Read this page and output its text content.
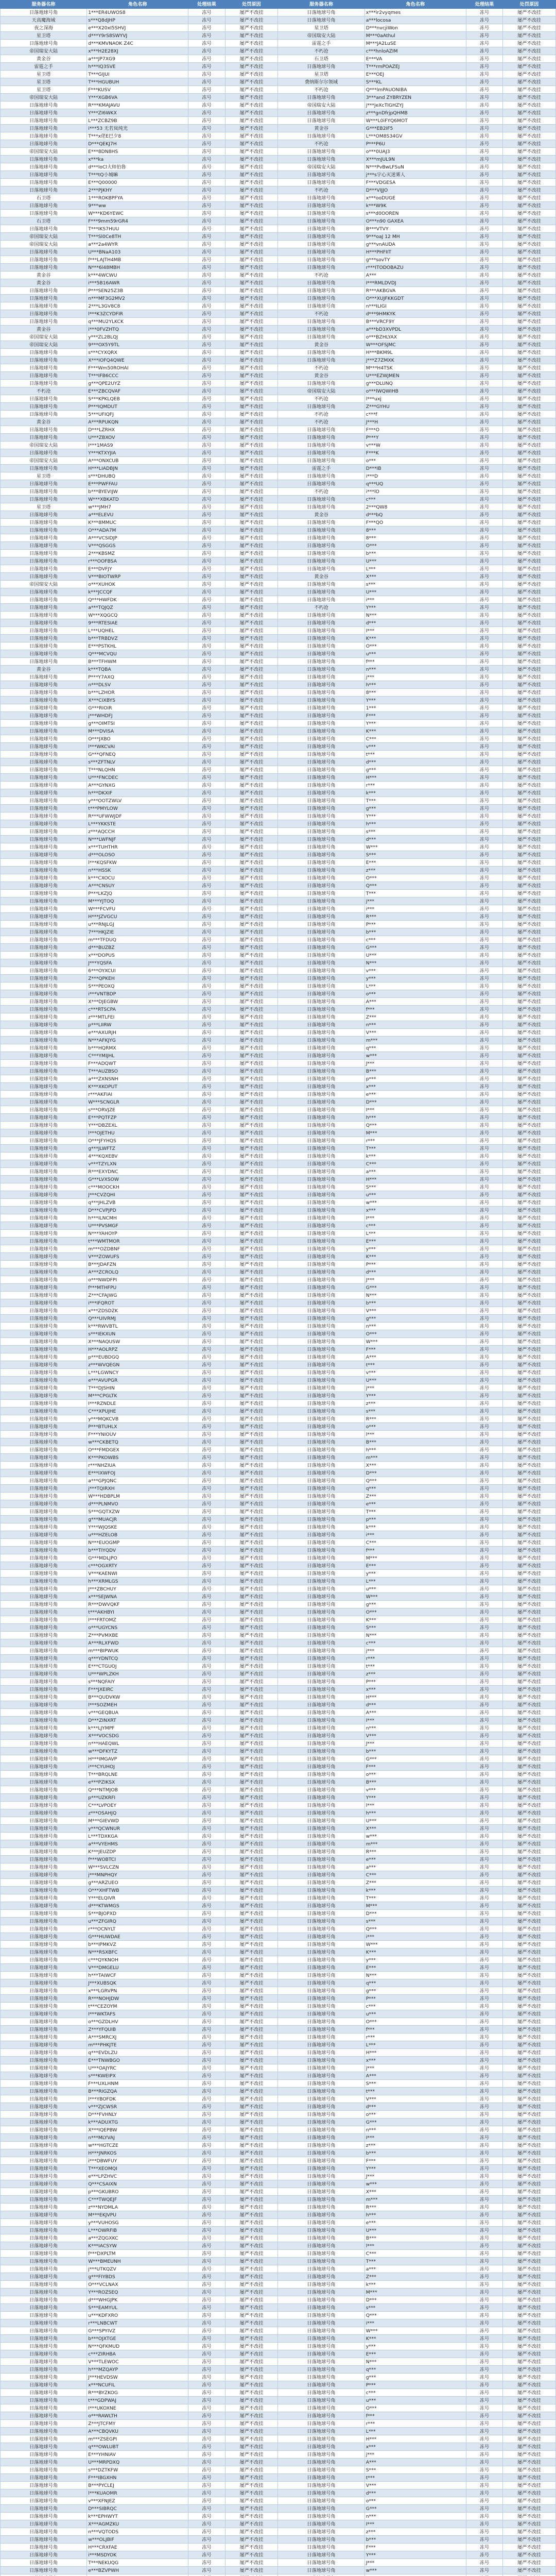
服务器名称	角色名称	处理结果	处罚原因	服务器名称	角色名称	处理结果	处罚原因
日落地球号角	1***ER4UWOS8	冻号	屡严不改挂	日落地球号角	x***ir2vyqmes	冻号	屡严不改挂
天高魔海域	s***Q8dJHP	冻号	屡严不改挂	日落地球号角	a***locosa	冻号	屡严不改挂
夜之深海	e***X20xI5SHVJ	冻号	屡严不改挂	星卫塔	D***nvcjiWon	冻号	屡严不改挂
星卫塔	d***Y9rS8SWYVJ	冻号	屡严不改挂	帝国瑞安大陆	M***0aAthul	冻号	屡严不改挂
日落地球号角	d***KMVNAOK Z4C	冻号	屡严不改挂	雷霆之手	M***JA2LuSE	冻号	屡严不改挂
帝国瑞安大陆	x***H2E28XJ	冻号	屡严不改挂	不朽沧	c***hnloAZIM	冻号	屡严不改挂
黄金谷	a***JP7XG9	冻号	屡严不改挂	石卫塔	E***VA	冻号	屡严不改挂
雷霆之手	h***IQ3SVE	冻号	屡严不改挂	日落地球号角	T***rmPOAZEJ	冻号	屡严不改挂
星卫塔	T***GIJUI	冻号	屡严不改挂	星卫塔	E***OEJ	冻号	屡严不改挂
星卫塔	T***HGUBUH	冻号	屡严不改挂	费纳斯尔尔领域	S***KL	冻号	屡严不改挂
星卫塔	F***KUSV	冻号	屡严不改挂	不朽沧	Q***lmPAUONIBA	冻号	屡严不改挂
帝国瑞安大陆	Y***XGB6VA	冻号	屡严不改挂	日落地球号角	3***and ZYBRYZEN	冻号	屡严不改挂
日落地球号角	R***KMAJAVU	冻号	屡严不改挂	帝国瑞安大陆	j***jeXcTIGHZYJ	冻号	屡严不改挂
日落地球号角	Y***ZI6WKX	冻号	屡严不改挂	日落地球号角	z***gnDfrjpQHMB	冻号	屡严不改挂
日落地球号角	L***ZCBZ9B	冻号	屡严不改挂	日落地球号角	W***L0iFYQ6MOT	冻号	屡严不改挂
日落地球号角	i***53 无若岚纯光	冻号	屡严不改挂	黄金谷	G***EB2IF5	冻号	屡严不改挂
日落地球号角	T***x佬E巴夕8	冻号	屡严不改挂	日落地球号角	L***OM8S34GV	冻号	屡严不改挂
日落地球号角	D***QEKJ7H	冻号	屡严不改挂	不朽沧	P***P6U	冻号	屡严不改挂
帝国瑞安大陆	E***8DN8HS	冻号	屡严不改挂	日落地球号角	o***0UAJ3	冻号	屡严不改挂
日落地球号角	x***ka	冻号	屡严不改挂	日落地球号角	X***mJUL9N	冻号	屡严不改挂
日落地球号角	d***loCl大师伯鲁	冻号	屡严不改挂	帝国瑞安大陆	N***PvBwLFSuN	冻号	屡严不改挂
日落地球号角	T***tQ小城嘛	冻号	屡严不改挂	日落地球号角	j***s宇心灭迷雾人	冻号	屡严不改挂
日落地球号角	E***Q00000	冻号	屡严不改挂	日落地球号角	F***VDGESA	冻号	屡严不改挂
日落地球号角	2***PJKHY	冻号	屡严不改挂	不朽沧	D***VIJJO	冻号	屡严不改挂
石卫塔	1***ROKBPFYA	冻号	屡严不改挂	日落地球号角	x***ooDUGE	冻号	屡严不改挂
日落地球号角	9***ww	冻号	屡严不改挂	日落地球号角	k***W9K	冻号	屡严不改挂
日落地球号角	W***KD6YEWC	冻号	屡严不改挂	日落地球号角	s***d0OOREN	冻号	屡严不改挂
石卫塔	F***9mm59rGR4	冻号	屡严不改挂	日落地球号角	O***n90 GAXEA	冻号	屡严不改挂
日落地球号角	T***IKS7HUU	冻号	屡严不改挂	日落地球号角	B***VTVY	冻号	屡严不改挂
帝国瑞安大陆	T***Sl0Ce8TH	冻号	屡严不改挂	日落地球号角	9***oaJ 12 MH	冻号	屡严不改挂
帝国瑞安大陆	a***2a4WYR	冻号	屡严不改挂	日落地球号角	g***vnAUDA	冻号	屡严不改挂
日落地球号角	U***BNaA103	冻号	屡严不改挂	日落地球号角	H***PHFIIT	冻号	屡严不改挂
日落地球号角	f***LAJTH4MB	冻号	屡严不改挂	日落地球号角	g***sovTY	冻号	屡严不改挂
日落地球号角	N***6l48MBH	冻号	屡严不改挂	日落地球号角	r***ITODOBAZU	冻号	屡严不改挂
黄金谷	k***4WCWU	冻号	屡严不改挂	不朽沧	A***	冻号	屡严不改挂
黄金谷	i***5B16AWR	冻号	屡严不改挂	日落地球号角	I***RMLDVDJ	冻号	屡严不改挂
日落地球号角	P***SEN25Z3B	冻号	屡严不改挂	日落地球号角	R***AKBGVA	冻号	屡严不改挂
日落地球号角	n***MF3G2MV2	冻号	屡严不改挂	日落地球号角	O***XUJFKKGDT	冻号	屡严不改挂
日落地球号角	2***L3GV8C8	冻号	屡严不改挂	日落地球号角	n***ILIGI	冻号	屡严不改挂
日落地球号角	l***K3ZCYDFIR	冻号	屡严不改挂	不朽沧	d***9HMKYK	冻号	屡严不改挂
日落地球号角	q***MU2YLKCK	冻号	屡严不改挂	日落地球号角	B***VRCF9Y	冻号	屡严不改挂
黄金谷	i***0FVZHTQ	冻号	屡严不改挂	日落地球号角	a***bD3XVPDL	冻号	屡严不改挂
帝国瑞安大陆	y***ZL2BLQJ	冻号	屡严不改挂	日落地球号角	o***BZHLYAX	冻号	屡严不改挂
帝国瑞安大陆	9***OX5Y9TL	冻号	屡严不改挂	黄金谷	W***OFSJMC	冻号	屡严不改挂
日落地球号角	s***CYXQRX	冻号	屡严不改挂	日落地球号角	H***BKM9L	冻号	屡严不改挂
日落地球号角	X***IOFQ4QWE	冻号	屡严不改挂	日落地球号角	j***Z7ZMXK	冻号	屡严不改挂
日落地球号角	F***Wm50ROHAI	冻号	屡严不改挂	不朽沧	M***H4TSK	冻号	屡严不改挂
日落地球号角	T***IFB6CCC	冻号	屡严不改挂	黄金谷	U***EZWJMEN	冻号	屡严不改挂
日落地球号角	g***QPE2UYZ	冻号	屡严不改挂	日落地球号角	g***DLUNQ	冻号	屡严不改挂
不朽沧	E***ZBCQVAF	冻号	屡严不改挂	帝国瑞安大陆	o***lWQWIHB	冻号	屡严不改挂
日落地球号角	S***KPKLQEB	冻号	屡严不改挂	不朽沧	l***uxj	冻号	屡严不改挂
日落地球号角	P***IQMDUT	冻号	屡严不改挂	日落地球号角	Z***GYHU	冻号	屡严不改挂
日落地球号角	5***UFIQFJ	冻号	屡严不改挂	不朽沧	c***f	冻号	屡严不改挂
黄金谷	A***RPUKQN	冻号	屡严不改挂	不朽沧	J***H	冻号	屡严不改挂
日落地球号角	D***LZRHX	冻号	屡严不改挂	日落地球号角	F***O	冻号	屡严不改挂
日落地球号角	U***ZBXOV	冻号	屡严不改挂	日落地球号角	P***Y	冻号	屡严不改挂
帝国瑞安大陆	I***1MAS9	冻号	屡严不改挂	日落地球号角	v***W	冻号	屡严不改挂
日落地球号角	Y***KTXYJIA	冻号	屡严不改挂	日落地球号角	F***K	冻号	屡严不改挂
帝国瑞安大陆	A***ONXCUB	冻号	屡严不改挂	日落地球号角	o***	冻号	屡严不改挂
日落地球号角	H***LIADBJN	冻号	屡严不改挂	雷霆之手	D***IB	冻号	屡严不改挂
星卫塔	s***DHUBQ	冻号	屡严不改挂	日落地球号角	i***D	冻号	屡严不改挂
日落地球号角	E***PWFFAU	冻号	屡严不改挂	日落地球号角	q***UQ	冻号	屡严不改挂
日落地球号角	b***BYEVIJW	冻号	屡严不改挂	不朽沧	i***lO	冻号	屡严不改挂
日落地球号角	W***XBKATD	冻号	屡严不改挂	日落地球号角	c***	冻号	屡严不改挂
星卫塔	w***JMH7	冻号	屡严不改挂	日落地球号角	2***QW8	冻号	屡严不改挂
日落地球号角	a***ELEVU	冻号	屡严不改挂	黄金谷	d***bQ	冻号	屡严不改挂
日落地球号角	K***8MMUC	冻号	屡严不改挂	日落地球号角	F***QO	冻号	屡严不改挂
日落地球号角	O***ADA7M	冻号	屡严不改挂	日落地球号角	8***	冻号	屡严不改挂
日落地球号角	A***VCSIDJP	冻号	屡严不改挂	日落地球号角	8***	冻号	屡严不改挂
日落地球号角	V***QSGGS	冻号	屡严不改挂	日落地球号角	O***	冻号	屡严不改挂
日落地球号角	2***KBSMZ	冻号	屡严不改挂	日落地球号角	b***	冻号	屡严不改挂
日落地球号角	r***OOFBSA	冻号	屡严不改挂	日落地球号角	U***	冻号	屡严不改挂
日落地球号角	E***DVFJY	冻号	屡严不改挂	日落地球号角	L***	冻号	屡严不改挂
日落地球号角	V***BIOTWRP	冻号	屡严不改挂	黄金谷	X***	冻号	屡严不改挂
帝国瑞安大陆	o***XUHOK	冻号	屡严不改挂	日落地球号角	s***	冻号	屡严不改挂
日落地球号角	k***JCCQF	冻号	屡严不改挂	日落地球号角	U***	冻号	屡严不改挂
日落地球号角	Q***HWFDK	冻号	屡严不改挂	日落地球号角	i***	冻号	屡严不改挂
日落地球号角	a***TQJQZ	冻号	屡严不改挂	不朽沧	Y***	冻号	屡严不改挂
日落地球号角	W***XQGCQ	冻号	屡严不改挂	日落地球号角	N***	冻号	屡严不改挂
日落地球号角	9***RTESIAE	冻号	屡严不改挂	日落地球号角	d***	冻号	屡严不改挂
日落地球号角	L***UQHEL	冻号	屡严不改挂	日落地球号角	I***	冻号	屡严不改挂
日落地球号角	b***TRBDVZ	冻号	屡严不改挂	日落地球号角	K***	冻号	屡严不改挂
日落地球号角	E***PSTKHL	冻号	屡严不改挂	日落地球号角	O***	冻号	屡严不改挂
日落地球号角	Q***MCVQU	冻号	屡严不改挂	日落地球号角	u***	冻号	屡严不改挂
日落地球号角	B***TFHWM	冻号	屡严不改挂	日落地球号角	f***	冻号	屡严不改挂
黄金谷	k***TQBA	冻号	屡严不改挂	日落地球号角	n***	冻号	屡严不改挂
日落地球号角	P***Y7AXQ	冻号	屡严不改挂	日落地球号角	j***	冻号	屡严不改挂
日落地球号角	n***DLSV	冻号	屡严不改挂	日落地球号角	h***	冻号	屡严不改挂
日落地球号角	b***LZHOR	冻号	屡严不改挂	日落地球号角	8***	冻号	屡严不改挂
日落地球号角	X***CIXBYS	冻号	屡严不改挂	日落地球号角	Y***	冻号	屡严不改挂
日落地球号角	G***RIOIR	冻号	屡严不改挂	日落地球号角	1***	冻号	屡严不改挂
日落地球号角	j***WHDFJ	冻号	屡严不改挂	日落地球号角	F***	冻号	屡严不改挂
日落地球号角	g***OIMTSI	冻号	屡严不改挂	日落地球号角	Y***	冻号	屡严不改挂
日落地球号角	M***DVISA	冻号	屡严不改挂	日落地球号角	K***	冻号	屡严不改挂
日落地球号角	O***JXBO	冻号	屡严不改挂	日落地球号角	C***	冻号	屡严不改挂
日落地球号角	l***WKCVAI	冻号	屡严不改挂	日落地球号角	v***	冻号	屡严不改挂
日落地球号角	G***QFNEQ	冻号	屡严不改挂	日落地球号角	t***	冻号	屡严不改挂
日落地球号角	s***ZFTNLV	冻号	屡严不改挂	日落地球号角	d***	冻号	屡严不改挂
日落地球号角	T***NLQHN	冻号	屡严不改挂	日落地球号角	g***	冻号	屡严不改挂
日落地球号角	U***FNCDEC	冻号	屡严不改挂	日落地球号角	H***	冻号	屡严不改挂
日落地球号角	A***GYNXG	冻号	屡严不改挂	日落地球号角	r***	冻号	屡严不改挂
日落地球号角	h***DKXIF	冻号	屡严不改挂	日落地球号角	k***	冻号	屡严不改挂
日落地球号角	y***OOTZWLV	冻号	屡严不改挂	日落地球号角	T***	冻号	屡严不改挂
日落地球号角	t***PMYLOW	冻号	屡严不改挂	日落地球号角	g***	冻号	屡严不改挂
日落地球号角	R***UFWWJDF	冻号	屡严不改挂	日落地球号角	Y***	冻号	屡严不改挂
日落地球号角	L***YKKSTE	冻号	屡严不改挂	日落地球号角	h***	冻号	屡严不改挂
日落地球号角	z***AQCCH	冻号	屡严不改挂	日落地球号角	s***	冻号	屡严不改挂
日落地球号角	N***LWFNJF	冻号	屡严不改挂	日落地球号角	d***	冻号	屡严不改挂
日落地球号角	x***TUHTHR	冻号	屡严不改挂	日落地球号角	W***	冻号	屡严不改挂
日落地球号角	d***OLOSO	冻号	屡严不改挂	日落地球号角	S***	冻号	屡严不改挂
日落地球号角	l***KQSFKW	冻号	屡严不改挂	日落地球号角	E***	冻号	屡严不改挂
日落地球号角	n***HSSK	冻号	屡严不改挂	日落地球号角	z***	冻号	屡严不改挂
日落地球号角	k***CXOCU	冻号	屡严不改挂	日落地球号角	O***	冻号	屡严不改挂
日落地球号角	A***CNSUY	冻号	屡严不改挂	日落地球号角	Q***	冻号	屡严不改挂
日落地球号角	P***LKZJQ	冻号	屡严不改挂	日落地球号角	T***	冻号	屡严不改挂
日落地球号角	M***YJTOQ	冻号	屡严不改挂	日落地球号角	j***	冻号	屡严不改挂
日落地球号角	W***FCVFU	冻号	屡严不改挂	日落地球号角	i***	冻号	屡严不改挂
日落地球号角	H***JZVGCU	冻号	屡严不改挂	日落地球号角	R***	冻号	屡严不改挂
日落地球号角	u***RNJLGJ	冻号	屡严不改挂	日落地球号角	P***	冻号	屡严不改挂
日落地球号角	7***HKJZIE	冻号	屡严不改挂	日落地球号角	b***	冻号	屡严不改挂
日落地球号角	m***TFDUQ	冻号	屡严不改挂	日落地球号角	c***	冻号	屡严不改挂
日落地球号角	d***BUZBZ	冻号	屡严不改挂	日落地球号角	G***	冻号	屡严不改挂
日落地球号角	x***DOPUS	冻号	屡严不改挂	日落地球号角	U***	冻号	屡严不改挂
日落地球号角	J***YQSFA	冻号	屡严不改挂	日落地球号角	N***	冻号	屡严不改挂
日落地球号角	6***OYXCUI	冻号	屡严不改挂	日落地球号角	v***	冻号	屡严不改挂
日落地球号角	Z***QPKEH	冻号	屡严不改挂	日落地球号角	y***	冻号	屡严不改挂
日落地球号角	S***PEOXQ	冻号	屡严不改挂	日落地球号角	L***	冻号	屡严不改挂
日落地球号角	i***VNTBDP	冻号	屡严不改挂	日落地球号角	o***	冻号	屡严不改挂
日落地球号角	X***DJEGBW	冻号	屡严不改挂	日落地球号角	A***	冻号	屡严不改挂
日落地球号角	c***RTSCPA	冻号	屡严不改挂	日落地球号角	f***	冻号	屡严不改挂
日落地球号角	z***MTLFEI	冻号	屡严不改挂	日落地球号角	Z***	冻号	屡严不改挂
日落地球号角	p***LIIRW	冻号	屡严不改挂	日落地球号角	n***	冻号	屡严不改挂
日落地球号角	e***AXURJH	冻号	屡严不改挂	日落地球号角	V***	冻号	屡严不改挂
日落地球号角	N***AFKJYG	冻号	屡严不改挂	日落地球号角	m***	冻号	屡严不改挂
日落地球号角	b***HQRMX	冻号	屡严不改挂	日落地球号角	q***	冻号	屡严不改挂
日落地球号角	C***YMIJHL	冻号	屡严不改挂	日落地球号角	w***	冻号	屡严不改挂
日落地球号角	F***ADQWT	冻号	屡严不改挂	日落地球号角	J***	冻号	屡严不改挂
日落地球号角	T***AUZBSO	冻号	屡严不改挂	日落地球号角	B***	冻号	屡严不改挂
日落地球号角	a***ZXNSNH	冻号	屡严不改挂	日落地球号角	p***	冻号	屡严不改挂
日落地球号角	K***XKOPUT	冻号	屡严不改挂	日落地球号角	x***	冻号	屡严不改挂
日落地球号角	r***AKFIAI	冻号	屡严不改挂	日落地球号角	e***	冻号	屡严不改挂
日落地球号角	W***SCNGLR	冻号	屡严不改挂	日落地球号角	D***	冻号	屡严不改挂
日落地球号角	s***ORVJZE	冻号	屡严不改挂	日落地球号角	I***	冻号	屡严不改挂
日落地球号角	E***PQTFZP	冻号	屡严不改挂	日落地球号角	h***	冻号	屡严不改挂
日落地球号角	Y***DBZEXL	冻号	屡严不改挂	日落地球号角	Q***	冻号	屡严不改挂
日落地球号角	l***OJETHU	冻号	屡严不改挂	日落地球号角	M***	冻号	屡严不改挂
日落地球号角	O***JFYHQS	冻号	屡严不改挂	日落地球号角	r***	冻号	屡严不改挂
日落地球号角	g***JLWFTZ	冻号	屡严不改挂	日落地球号角	T***	冻号	屡严不改挂
日落地球号角	4***KQXEBV	冻号	屡严不改挂	日落地球号角	k***	冻号	屡严不改挂
日落地球号角	v***TZYLXN	冻号	屡严不改挂	日落地球号角	C***	冻号	屡严不改挂
日落地球号角	R***EXYDNC	冻号	屡严不改挂	日落地球号角	a***	冻号	屡严不改挂
日落地球号角	G***LVXSOW	冻号	屡严不改挂	日落地球号角	H***	冻号	屡严不改挂
日落地球号角	c***MOOCKH	冻号	屡严不改挂	日落地球号角	S***	冻号	屡严不改挂
日落地球号角	J***CVZQHI	冻号	屡严不改挂	日落地球号角	u***	冻号	屡严不改挂
日落地球号角	q***JHLZVB	冻号	屡严不改挂	日落地球号角	w***	冻号	屡严不改挂
日落地球号角	D***CVPJPD	冻号	屡严不改挂	日落地球号角	x***	冻号	屡严不改挂
日落地球号角	h***ILNCMH	冻号	屡严不改挂	日落地球号角	I***	冻号	屡严不改挂
日落地球号角	U***PVSMGF	冻号	屡严不改挂	日落地球号角	c***	冻号	屡严不改挂
日落地球号角	N***YAHOYP	冻号	屡严不改挂	日落地球号角	L***	冻号	屡严不改挂
日落地球号角	t***WMTMOR	冻号	屡严不改挂	日落地球号角	E***	冻号	屡严不改挂
日落地球号角	m***OZDBNF	冻号	屡严不改挂	日落地球号角	y***	冻号	屡严不改挂
日落地球号角	V***ZOWUFS	冻号	屡严不改挂	日落地球号角	K***	冻号	屡严不改挂
日落地球号角	B***JDAFZN	冻号	屡严不改挂	日落地球号角	P***	冻号	屡严不改挂
日落地球号角	A***ZCROLQ	冻号	屡严不改挂	日落地球号角	d***	冻号	屡严不改挂
日落地球号角	o***NWDFPI	冻号	屡严不改挂	日落地球号角	J***	冻号	屡严不改挂
日落地球号角	f***MTHFPU	冻号	屡严不改挂	日落地球号角	G***	冻号	屡严不改挂
日落地球号角	Z***CFAJWG	冻号	屡严不改挂	日落地球号角	N***	冻号	屡严不改挂
日落地球号角	i***IFQROT	冻号	屡严不改挂	日落地球号角	b***	冻号	屡严不改挂
日落地球号角	x***ZDSDZK	冻号	屡严不改挂	日落地球号角	V***	冻号	屡严不改挂
日落地球号角	Q***UIVRMJ	冻号	屡严不改挂	日落地球号角	g***	冻号	屡严不改挂
日落地球号角	k***RWVBTL	冻号	屡严不改挂	日落地球号角	n***	冻号	屡严不改挂
日落地球号角	s***IEKXUN	冻号	屡严不改挂	日落地球号角	O***	冻号	屡严不改挂
日落地球号角	X***NAQUSW	冻号	屡严不改挂	日落地球号角	W***	冻号	屡严不改挂
日落地球号角	H***AOLRPZ	冻号	屡严不改挂	日落地球号角	F***	冻号	屡严不改挂
日落地球号角	p***EUBDGQ	冻号	屡严不改挂	日落地球号角	A***	冻号	屡严不改挂
日落地球号角	z***WVQEGN	冻号	屡严不改挂	日落地球号角	t***	冻号	屡严不改挂
日落地球号角	L***LGWNCY	冻号	屡严不改挂	日落地球号角	v***	冻号	屡严不改挂
日落地球号角	e***AVUPGR	冻号	屡严不改挂	日落地球号角	U***	冻号	屡严不改挂
日落地球号角	T***DJSHIN	冻号	屡严不改挂	日落地球号角	j***	冻号	屡严不改挂
日落地球号角	M***CPGLTK	冻号	屡严不改挂	日落地球号角	Y***	冻号	屡严不改挂
日落地球号角	I***RZNDLE	冻号	屡严不改挂	日落地球号角	z***	冻号	屡严不改挂
日落地球号角	C***XPUJHE	冻号	屡严不改挂	日落地球号角	s***	冻号	屡严不改挂
日落地球号角	y***MQKCVB	冻号	屡严不改挂	日落地球号角	R***	冻号	屡严不改挂
日落地球号角	P***BTUHLX	冻号	屡严不改挂	日落地球号角	o***	冻号	屡严不改挂
日落地球号角	F***YNIOUV	冻号	屡严不改挂	日落地球号角	l***	冻号	屡严不改挂
日落地球号角	w***CKBETQ	冻号	屡严不改挂	日落地球号角	B***	冻号	屡严不改挂
日落地球号角	O***FMDGEX	冻号	屡严不改挂	日落地球号角	h***	冻号	屡严不改挂
日落地球号角	K***PKOWBS	冻号	屡严不改挂	日落地球号角	m***	冻号	屡严不改挂
日落地球号角	r***NHZIUA	冻号	屡严不改挂	日落地球号角	X***	冻号	屡严不改挂
日落地球号角	E***IXWFOJ	冻号	屡严不改挂	日落地球号角	D***	冻号	屡严不改挂
日落地球号角	a***GPJQNC	冻号	屡严不改挂	日落地球号角	Q***	冻号	屡严不改挂
日落地球号角	j***TQIRXH	冻号	屡严不改挂	日落地球号角	q***	冻号	屡严不改挂
日落地球号角	W***HDBPLM	冻号	屡严不改挂	日落地球号角	Z***	冻号	屡严不改挂
日落地球号角	d***PLNMVO	冻号	屡严不改挂	日落地球号角	e***	冻号	屡严不改挂
日落地球号角	S***GQTXZW	冻号	屡严不改挂	日落地球号角	T***	冻号	屡严不改挂
日落地球号角	g***MUACJR	冻号	屡严不改挂	日落地球号角	p***	冻号	屡严不改挂
日落地球号角	Y***WJQSKE	冻号	屡严不改挂	日落地球号角	k***	冻号	屡严不改挂
日落地球号角	u***HZELOB	冻号	屡严不改挂	日落地球号角	i***	冻号	屡严不改挂
日落地球号角	N***EUOGMP	冻号	屡严不改挂	日落地球号角	C***	冻号	屡严不改挂
日落地球号角	b***TIYQDV	冻号	屡严不改挂	日落地球号角	f***	冻号	屡严不改挂
日落地球号角	G***MDLJPO	冻号	屡严不改挂	日落地球号角	M***	冻号	屡严不改挂
日落地球号角	c***OGXRTY	冻号	屡严不改挂	日落地球号角	E***	冻号	屡严不改挂
日落地球号角	V***KAENWI	冻号	屡严不改挂	日落地球号角	y***	冻号	屡严不改挂
日落地球号角	h***XRMLGS	冻号	屡严不改挂	日落地球号角	L***	冻号	屡严不改挂
日落地球号角	J***ZBCHUY	冻号	屡严不改挂	日落地球号角	u***	冻号	屡严不改挂
日落地球号角	x***SEJWNA	冻号	屡严不改挂	日落地球号角	W***	冻号	屡严不改挂
日落地球号角	R***DWVQKF	冻号	屡严不改挂	日落地球号角	g***	冻号	屡严不改挂
日落地球号角	t***AKHBYI	冻号	屡严不改挂	日落地球号角	O***	冻号	屡严不改挂
日落地球号角	I***FRTOMZ	冻号	屡严不改挂	日落地球号角	K***	冻号	屡严不改挂
日落地球号角	o***UGYCNS	冻号	屡严不改挂	日落地球号角	S***	冻号	屡严不改挂
日落地球号角	Z***PVMXBE	冻号	屡严不改挂	日落地球号角	N***	冻号	屡严不改挂
日落地球号角	A***RLXFWD	冻号	屡严不改挂	日落地球号角	c***	冻号	屡严不改挂
日落地球号角	m***BIPWUK	冻号	屡严不改挂	日落地球号角	j***	冻号	屡严不改挂
日落地球号角	q***YDNTCQ	冻号	屡严不改挂	日落地球号角	r***	冻号	屡严不改挂
日落地球号角	E***CTGUOJ	冻号	屡严不改挂	日落地球号角	t***	冻号	屡严不改挂
日落地球号角	U***WPLZKH	冻号	屡严不改挂	日落地球号角	z***	冻号	屡严不改挂
日落地球号角	s***NQFAIY	冻号	屡严不改挂	日落地球号角	P***	冻号	屡严不改挂
日落地球号角	F***JXEIRC	冻号	屡严不改挂	日落地球号角	x***	冻号	屡严不改挂
日落地球号角	B***QUDVKW	冻号	屡严不改挂	日落地球号角	H***	冻号	屡严不改挂
日落地球号角	l***SOZMEH	冻号	屡严不改挂	日落地球号角	d***	冻号	屡严不改挂
日落地球号角	v***GEQBUA	冻号	屡严不改挂	日落地球号角	A***	冻号	屡严不改挂
日落地球号角	D***ZINXRT	冻号	屡严不改挂	日落地球号角	I***	冻号	屡严不改挂
日落地球号角	k***LJYMPF	冻号	屡严不改挂	日落地球号角	n***	冻号	屡严不改挂
日落地球号角	X***VOCSDG	冻号	屡严不改挂	日落地球号角	V***	冻号	屡严不改挂
日落地球号角	n***HAEQWL	冻号	屡严不改挂	日落地球号角	J***	冻号	屡严不改挂
日落地球号角	w***DFKYTZ	冻号	屡严不改挂	日落地球号角	b***	冻号	屡严不改挂
日落地球号角	H***IMGAVP	冻号	屡严不改挂	日落地球号角	G***	冻号	屡严不改挂
日落地球号角	i***CYUHOJ	冻号	屡严不改挂	日落地球号角	F***	冻号	屡严不改挂
日落地球号角	T***BRQLNE	冻号	屡严不改挂	日落地球号角	o***	冻号	屡严不改挂
日落地球号角	e***PZIKSX	冻号	屡严不改挂	日落地球号角	B***	冻号	屡严不改挂
日落地球号角	Q***NTMJOB	冻号	屡严不改挂	日落地球号角	v***	冻号	屡严不改挂
日落地球号角	p***UZKRFI	冻号	屡严不改挂	日落地球号角	Y***	冻号	屡严不改挂
日落地球号角	C***LVPOEY	冻号	屡严不改挂	日落地球号角	l***	冻号	屡严不改挂
日落地球号角	z***OSAHJQ	冻号	屡严不改挂	日落地球号角	h***	冻号	屡严不改挂
日落地球号角	M***GIEVWD	冻号	屡严不改挂	日落地球号角	U***	冻号	屡严不改挂
日落地球号角	y***QCWNUR	冻号	屡严不改挂	日落地球号角	X***	冻号	屡严不改挂
日落地球号角	L***TDXKGA	冻号	屡严不改挂	日落地球号角	w***	冻号	屡严不改挂
日落地球号角	a***VYEHMS	冻号	屡严不改挂	日落地球号角	m***	冻号	屡严不改挂
日落地球号角	K***JEUZDP	冻号	屡严不改挂	日落地球号角	R***	冻号	屡严不改挂
日落地球号角	f***WOBTCI	冻号	屡严不改挂	日落地球号角	e***	冻号	屡严不改挂
日落地球号角	W***SVLCZN	冻号	屡严不改挂	日落地球号角	a***	冻号	屡严不改挂
日落地球号角	j***MNPHQY	冻号	屡严不改挂	日落地球号角	C***	冻号	屡严不改挂
日落地球号角	g***ARZUEO	冻号	屡严不改挂	日落地球号角	Z***	冻号	屡严不改挂
日落地球号角	O***XHFTWB	冻号	屡严不改挂	日落地球号角	k***	冻号	屡严不改挂
日落地球号角	Y***ELQIVR	冻号	屡严不改挂	日落地球号角	T***	冻号	屡严不改挂
日落地球号角	d***KTWMGS	冻号	屡严不改挂	日落地球号角	M***	冻号	屡严不改挂
日落地球号角	S***BJOPXD	冻号	屡严不改挂	日落地球号角	D***	冻号	屡严不改挂
日落地球号角	u***ZFGIRQ	冻号	屡严不改挂	日落地球号角	s***	冻号	屡严不改挂
日落地球号角	r***OCNYLT	冻号	屡严不改挂	日落地球号角	Q***	冻号	屡严不改挂
日落地球号角	G***HUWDAE	冻号	屡严不改挂	日落地球号角	i***	冻号	屡严不改挂
日落地球号角	b***IPMKVZ	冻号	屡严不改挂	日落地球号角	W***	冻号	屡严不改挂
日落地球号角	N***RSXBFC	冻号	屡严不改挂	日落地球号角	K***	冻号	屡严不改挂
日落地球号角	c***QYKNOH	冻号	屡严不改挂	日落地球号角	y***	冻号	屡严不改挂
日落地球号角	V***DMGELU	冻号	屡严不改挂	日落地球号角	E***	冻号	屡严不改挂
日落地球号角	h***TAIWCF	冻号	屡严不改挂	日落地球号角	N***	冻号	屡严不改挂
日落地球号角	J***XUBSQK	冻号	屡严不改挂	日落地球号角	q***	冻号	屡严不改挂
日落地球号角	x***LGRVPN	冻号	屡严不改挂	日落地球号角	g***	冻号	屡严不改挂
日落地球号角	R***NOHJDW	冻号	屡严不改挂	日落地球号角	P***	冻号	屡严不改挂
日落地球号角	t***CEZOYM	冻号	屡严不改挂	日落地球号角	c***	冻号	屡严不改挂
日落地球号角	I***WKTAFS	冻号	屡严不改挂	日落地球号角	u***	冻号	屡严不改挂
日落地球号角	o***GZDLHV	冻号	屡严不改挂	日落地球号角	O***	冻号	屡严不改挂
日落地球号角	Z***YFQUIB	冻号	屡严不改挂	日落地球号角	f***	冻号	屡严不改挂
日落地球号角	A***SMRCXJ	冻号	屡严不改挂	日落地球号角	r***	冻号	屡严不改挂
日落地球号角	m***PHKJTE	冻号	屡严不改挂	日落地球号角	L***	冻号	屡严不改挂
日落地球号角	q***EVDLZU	冻号	屡严不改挂	日落地球号角	H***	冻号	屡严不改挂
日落地球号角	E***TNWBGO	冻号	屡严不改挂	日落地球号角	x***	冻号	屡严不改挂
日落地球号角	U***OAJYRC	冻号	屡严不改挂	日落地球号角	j***	冻号	屡严不改挂
日落地球号角	s***KWEIPX	冻号	屡严不改挂	日落地球号角	A***	冻号	屡严不改挂
日落地球号角	F***UXLHNM	冻号	屡严不改挂	日落地球号角	S***	冻号	屡严不改挂
日落地球号角	B***RIGZQA	冻号	屡严不改挂	日落地球号角	t***	冻号	屡严不改挂
日落地球号角	l***YBOFDK	冻号	屡严不改挂	日落地球号角	V***	冻号	屡严不改挂
日落地球号角	v***ZJCWSR	冻号	屡严不改挂	日落地球号角	d***	冻号	屡严不改挂
日落地球号角	D***FVHNLY	冻号	屡严不改挂	日落地球号角	o***	冻号	屡严不改挂
日落地球号角	k***ADUXTG	冻号	屡严不改挂	日落地球号角	G***	冻号	屡严不改挂
日落地球号角	X***IQEPBW	冻号	屡严不改挂	日落地球号角	n***	冻号	屡严不改挂
日落地球号角	n***MLYVAJ	冻号	屡严不改挂	日落地球号角	I***	冻号	屡严不改挂
日落地球号角	w***HGTCZE	冻号	屡严不改挂	日落地球号角	z***	冻号	屡严不改挂
日落地球号角	H***JNRKOS	冻号	屡严不改挂	日落地球号角	b***	冻号	屡严不改挂
日落地球号角	i***DBWFUY	冻号	屡严不改挂	日落地球号角	F***	冻号	屡严不改挂
日落地球号角	T***XEOMQI	冻号	屡严不改挂	日落地球号角	Y***	冻号	屡严不改挂
日落地球号角	e***LPZHVC	冻号	屡严不改挂	日落地球号角	J***	冻号	屡严不改挂
日落地球号角	Q***CSAIXN	冻号	屡严不改挂	日落地球号角	w***	冻号	屡严不改挂
日落地球号角	p***GKUBRO	冻号	屡严不改挂	日落地球号角	X***	冻号	屡严不改挂
日落地球号角	C***TWQEJF	冻号	屡严不改挂	日落地球号角	m***	冻号	屡严不改挂
日落地球号角	z***NYDMLA	冻号	屡严不改挂	日落地球号角	R***	冻号	屡严不改挂
日落地球号角	M***EKJVPU	冻号	屡严不改挂	日落地球号角	h***	冻号	屡严不改挂
日落地球号角	y***VUHOSG	冻号	屡严不改挂	日落地球号角	e***	冻号	屡严不改挂
日落地球号角	L***OWRFIB	冻号	屡严不改挂	日落地球号角	U***	冻号	屡严不改挂
日落地球号角	a***ZQGXKC	冻号	屡严不改挂	日落地球号角	B***	冻号	屡严不改挂
日落地球号角	K***IACSYW	冻号	屡严不改挂	日落地球号角	l***	冻号	屡严不改挂
日落地球号角	f***DXPLTM	冻号	屡严不改挂	日落地球号角	C***	冻号	屡严不改挂
日落地球号角	W***BMEUNH	冻号	屡严不改挂	日落地球号角	T***	冻号	屡严不改挂
日落地球号角	j***UTKQZV	冻号	屡严不改挂	日落地球号角	a***	冻号	屡严不改挂
日落地球号角	g***FIYBDS	冻号	屡严不改挂	日落地球号角	Z***	冻号	屡严不改挂
日落地球号角	O***VCLNAX	冻号	屡严不改挂	日落地球号角	k***	冻号	屡严不改挂
日落地球号角	Y***ROZSEQ	冻号	屡严不改挂	日落地球号角	M***	冻号	屡严不改挂
日落地球号角	d***WHGJPK	冻号	屡严不改挂	日落地球号角	D***	冻号	屡严不改挂
日落地球号角	S***EAMYUL	冻号	屡严不改挂	日落地球号角	s***	冻号	屡严不改挂
日落地球号角	u***KDFXRO	冻号	屡严不改挂	日落地球号角	Q***	冻号	屡严不改挂
日落地球号角	r***LNBCWT	冻号	屡严不改挂	日落地球号角	i***	冻号	屡严不改挂
日落地球号角	G***SPYIVZ	冻号	屡严不改挂	日落地球号角	W***	冻号	屡严不改挂
日落地球号角	b***OJXTGE	冻号	屡严不改挂	日落地球号角	K***	冻号	屡严不改挂
日落地球号角	N***QFKMUD	冻号	屡严不改挂	日落地球号角	y***	冻号	屡严不改挂
日落地球号角	c***ZIRHBA	冻号	屡严不改挂	日落地球号角	E***	冻号	屡严不改挂
日落地球号角	V***TLEWOC	冻号	屡严不改挂	日落地球号角	N***	冻号	屡严不改挂
日落地球号角	h***MZQAYP	冻号	屡严不改挂	日落地球号角	q***	冻号	屡严不改挂
日落地球号角	J***HEVDSW	冻号	屡严不改挂	日落地球号角	g***	冻号	屡严不改挂
日落地球号角	x***NCUFIL	冻号	屡严不改挂	日落地球号角	P***	冻号	屡严不改挂
日落地球号角	R***BYZKOG	冻号	屡严不改挂	日落地球号角	c***	冻号	屡严不改挂
日落地球号角	t***GDPWAJ	冻号	屡严不改挂	日落地球号角	u***	冻号	屡严不改挂
日落地球号角	I***UKOXNE	冻号	屡严不改挂	日落地球号角	O***	冻号	屡严不改挂
日落地球号角	o***RAWLTH	冻号	屡严不改挂	日落地球号角	f***	冻号	屡严不改挂
日落地球号角	Z***JTCFMY	冻号	屡严不改挂	日落地球号角	r***	冻号	屡严不改挂
日落地球号角	A***CBQVKU	冻号	屡严不改挂	日落地球号角	L***	冻号	屡严不改挂
日落地球号角	m***ZSEGPI	冻号	屡严不改挂	日落地球号角	H***	冻号	屡严不改挂
日落地球号角	q***OWLUBT	冻号	屡严不改挂	日落地球号角	x***	冻号	屡严不改挂
日落地球号角	E***YHNIAV	冻号	屡严不改挂	日落地球号角	j***	冻号	屡严不改挂
日落地球号角	U***MRPDXQ	冻号	屡严不改挂	日落地球号角	A***	冻号	屡严不改挂
日落地球号角	s***DZTKFW	冻号	屡严不改挂	日落地球号角	S***	冻号	屡严不改挂
日落地球号角	F***IBGXHN	冻号	屡严不改挂	日落地球号角	t***	冻号	屡严不改挂
日落地球号角	B***PYCLEJ	冻号	屡严不改挂	日落地球号角	V***	冻号	屡严不改挂
日落地球号角	l***KUAOMR	冻号	屡严不改挂	日落地球号角	d***	冻号	屡严不改挂
日落地球号角	v***XFNJEZ	冻号	屡严不改挂	日落地球号角	o***	冻号	屡严不改挂
日落地球号角	D***SIBRQC	冻号	屡严不改挂	日落地球号角	G***	冻号	屡严不改挂
日落地球号角	k***EPHWYT	冻号	屡严不改挂	日落地球号角	n***	冻号	屡严不改挂
日落地球号角	X***AGMZKU	冻号	屡严不改挂	日落地球号角	I***	冻号	屡严不改挂
日落地球号角	n***VQTODS	冻号	屡严不改挂	日落地球号角	z***	冻号	屡严不改挂
日落地球号角	w***OLJBIF	冻号	屡严不改挂	日落地球号角	b***	冻号	屡严不改挂
日落地球号角	H***CRXFAE	冻号	屡严不改挂	日落地球号角	F***	冻号	屡严不改挂
日落地球号角	i***MSDYOK	冻号	屡严不改挂	日落地球号角	Y***	冻号	屡严不改挂
日落地球号角	T***NEKUQG	冻号	屡严不改挂	日落地球号角	J***	冻号	屡严不改挂
日落地球号角	e***BZVPWH	冻号	屡严不改挂	日落地球号角	w***	冻号	屡严不改挂
